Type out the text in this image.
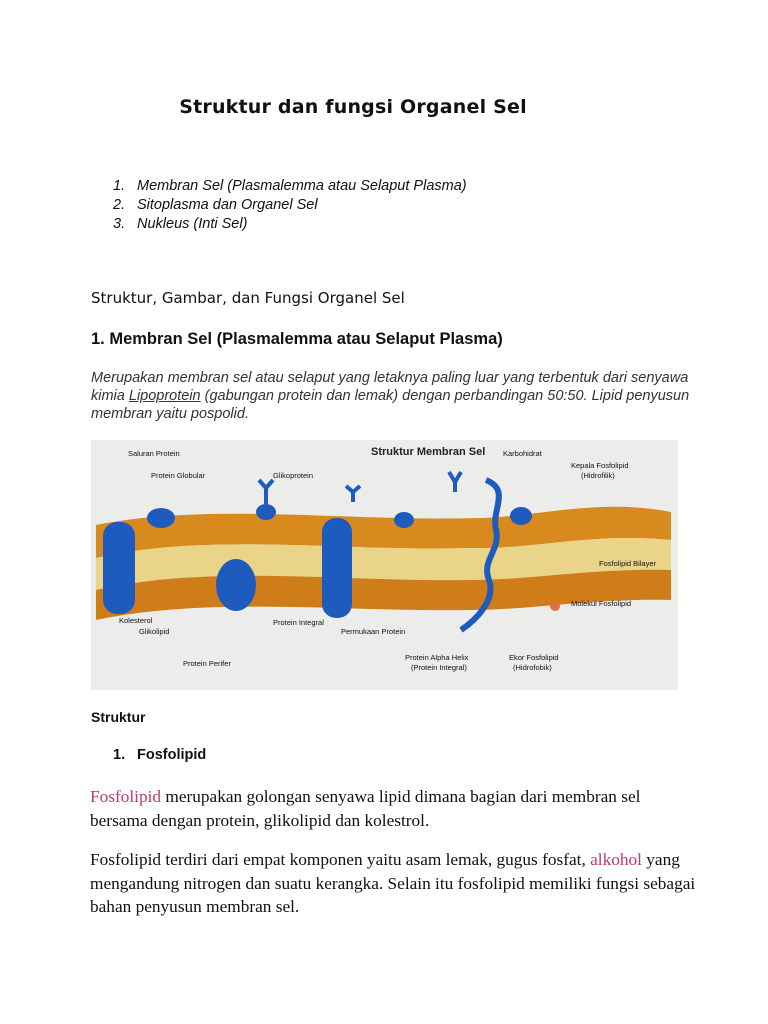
Struktur dan fungsi Organel Sel
1. Membran Sel (Plasmalemma atau Selaput Plasma)
2. Sitoplasma dan Organel Sel
3. Nukleus (Inti Sel)
Struktur, Gambar, dan Fungsi Organel Sel
1. Membran Sel (Plasmalemma atau Selaput Plasma)
Merupakan membran sel atau selaput yang letaknya paling luar yang terbentuk dari senyawa kimia Lipoprotein (gabungan protein dan lemak) dengan perbandingan 50:50. Lipid penyusun membran yaitu pospolid.
Struktur Membran Sel
Saluran Protein
Protein Globular	Glikoprotein
Karbohidrat
Kepala Fosfolipid
(Hidrofilik)
Fosfolipid Bilayer
Molekul Fosfolipid
Kolesterol
Glikolipid
Protein Integral
Permukaan Protein
Protein Alpha Helix
(Protein Integral)
Ekor Fosfolipid
(Hidrofobik)
Protein Perifer
Struktur
1. Fosfolipid
Fosfolipid merupakan golongan senyawa lipid dimana bagian dari membran sel bersama dengan protein, glikolipid dan kolestrol.
Fosfolipid terdiri dari empat komponen yaitu asam lemak, gugus fosfat, alkohol yang mengandung nitrogen dan suatu kerangka. Selain itu fosfolipid memiliki fungsi sebagai bahan penyusun membran sel.
